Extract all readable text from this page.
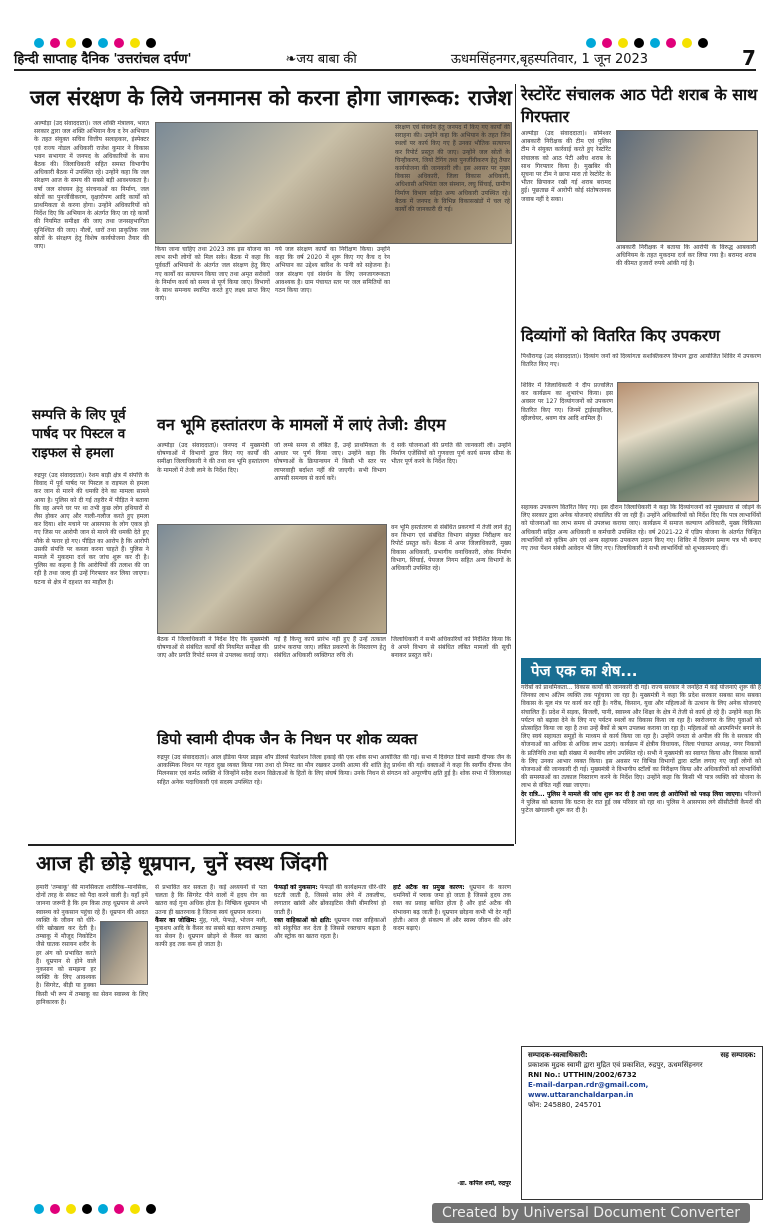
हिन्दी साप्ताह दैनिक 'उत्तरांचल दर्पण'	❧जय बाबा की	ऊधमसिंहनगर,बृहस्पतिवार, 1 जून 2023	7
जल संरक्षण के लिये जनमानस को करना होगा जागरूक: राजेश
अल्मोड़ा (उद संवाददाता)। जल शक्ति मंत्रालय, भारत सरकार द्वारा जल शक्ति अभियान कैच द रेन अभियान के तहत संयुक्त सचिव वित्तीय सलाहकार, इंस्पेक्टर एवं राज्य नोडल अधिकारी राजेश कुमार ने विकास भवन सभागार में जनपद के अधिकारियों के साथ बैठक की। जिलाधिकारी सहित समस्त विभागीय अधिकारी बैठक में उपस्थित रहे। उन्होंने कहा कि जल संरक्षण आज के समय की सबसे बड़ी आवश्यकता है। वर्षा जल संचयन हेतु संरचनाओं का निर्माण, जल स्रोतों का पुनर्जीवीकरण, वृक्षारोपण आदि कार्यों को प्राथमिकता से करना होगा। उन्होंने अधिकारियों को निर्देश दिए कि अभियान के अंतर्गत किए जा रहे कार्यों की नियमित समीक्षा की जाए तथा जनसहभागिता सुनिश्चित की जाए। नौलों, धारों तथा प्राकृतिक जल स्रोतों के संरक्षण हेतु विशेष कार्ययोजना तैयार की जाए।	किया जाना चाहिए तथा 2023 तक इस योजना का लाभ सभी लोगों को मिल सके। बैठक में कहा कि पूर्ववर्ती अभियानों के अंतर्गत जल संरक्षण हेतु किए गए कार्यों का सत्यापन किया जाए तथा अमृत सरोवरों के निर्माण कार्य को समय से पूर्ण किया जाए। विभागों के साथ समन्वय स्थापित करते हुए लक्ष्य प्राप्त किए जाएं।
गये जल संरक्षण कार्यों का निरीक्षण किया। उन्होंने कहा कि वर्ष 2020 में शुरू किए गए कैच द रेन अभियान का उद्देश्य बारिश के पानी को सहेजना है। जल संरक्षण एवं संवर्धन के लिए जनजागरूकता आवश्यक है। ग्राम पंचायत स्तर पर जल समितियों का गठन किया जाए।
संरक्षण एवं संवर्धन हेतु जनपद में किए गए कार्यों की सराहना की। उन्होंने कहा कि अभियान के तहत जिन स्थलों पर कार्य किए गए हैं उनका भौतिक सत्यापन कर रिपोर्ट प्रस्तुत की जाए। उन्होंने जल स्रोतों के चिन्हीकरण, जियो टैगिंग तथा पुनर्जीवीकरण हेतु तैयार कार्ययोजना की जानकारी ली। इस अवसर पर मुख्य विकास अधिकारी, जिला विकास अधिकारी, अधिशासी अभियंता जल संस्थान, लघु सिंचाई, ग्रामीण निर्माण विभाग सहित अन्य अधिकारी उपस्थित रहे। बैठक में जनपद के विभिन्न विकासखंडों में चल रहे कार्यों की जानकारी दी गई।
सम्पत्ति के लिए पूर्व पार्षद पर पिस्टल व राइफल से हमला
रुद्रपुर (उद संवाददाता)। रेशम बाड़ी क्षेत्र में संपत्ति के विवाद में पूर्व पार्षद पर पिस्टल व राइफल से हमला कर जान से मारने की धमकी देने का मामला सामने आया है। पुलिस को दी गई तहरीर में पीड़ित ने बताया कि वह अपने घर पर था तभी कुछ लोग हथियारों से लैस होकर आए और गाली-गलौज करते हुए हमला कर दिया। शोर मचाने पर आसपास के लोग एकत्र हो गए जिस पर आरोपी जान से मारने की धमकी देते हुए मौके से फरार हो गए। पीड़ित का आरोप है कि आरोपी उसकी संपत्ति पर कब्जा करना चाहते हैं। पुलिस ने मामले में मुकदमा दर्ज कर जांच शुरू कर दी है। पुलिस का कहना है कि आरोपियों की तलाश की जा रही है तथा जल्द ही उन्हें गिरफ्तार कर लिया जाएगा। घटना से क्षेत्र में दहशत का माहौल है।
रेस्टोरेंट संचालक आठ पेटी शराब के साथ गिरफ्तार
अल्मोड़ा (उद संवाददाता)। सोमेश्वर आबकारी निरीक्षक की टीम एवं पुलिस टीम ने संयुक्त कार्रवाई करते हुए रेस्टोरेंट संचालक को आठ पेटी अवैध शराब के साथ गिरफ्तार किया है। मुखबिर की सूचना पर टीम ने छापा मारा तो रेस्टोरेंट के भीतर छिपाकर रखी गई शराब बरामद हुई। पूछताछ में आरोपी कोई संतोषजनक जवाब नहीं दे सका।
आबकारी निरीक्षक ने बताया कि आरोपी के विरुद्ध आबकारी अधिनियम के तहत मुकदमा दर्ज कर लिया गया है। बरामद शराब की कीमत हजारों रुपये आंकी गई है।
दिव्यांगों को वितरित किए उपकरण
पिथौरागढ़ (उद संवाददाता)। दिव्यांग जनों को दिव्यांगता सशक्तिकरण विभाग द्वारा आयोजित शिविर में उपकरण वितरित किए गए।
शिविर में जिलाधिकारी ने दीप प्रज्वलित कर कार्यक्रम का शुभारंभ किया। इस अवसर पर 127 दिव्यांगजनों को उपकरण वितरित किए गए। जिनमें ट्राईसाइकिल, व्हीलचेयर, श्रवण यंत्र आदि शामिल हैं।
सहायक उपकरण वितरित किए गए। इस दौरान जिलाधिकारी ने कहा कि दिव्यांगजनों को मुख्यधारा से जोड़ने के लिए सरकार द्वारा अनेक योजनाएं संचालित की जा रही हैं। उन्होंने अधिकारियों को निर्देश दिए कि पात्र लाभार्थियों को योजनाओं का लाभ समय से उपलब्ध कराया जाए। कार्यक्रम में समाज कल्याण अधिकारी, मुख्य चिकित्सा अधिकारी सहित अन्य अधिकारी व कर्मचारी उपस्थित रहे। वर्ष 2021-22 में एडिप योजना के अंतर्गत चिन्हित लाभार्थियों को कृत्रिम अंग एवं अन्य सहायक उपकरण प्रदान किए गए। शिविर में दिव्यांग प्रमाण पत्र भी बनाए गए तथा पेंशन संबंधी आवेदन भी लिए गए। जिलाधिकारी ने सभी लाभार्थियों को शुभकामनाएं दीं।
वन भूमि हस्तांतरण के मामलों में लाएं तेजी: डीएम
अल्मोड़ा (उद संवाददाता)। जनपद में मुख्यमंत्री घोषणाओं में विभागों द्वारा किए गए कार्यों की समीक्षा जिलाधिकारी ने की तथा वन भूमि हस्तांतरण के मामलों में तेजी लाने के निर्देश दिए।
जो लम्बे समय से लंबित हैं, उन्हें प्राथमिकता के आधार पर पूर्ण किया जाए। उन्होंने कहा कि घोषणाओं के क्रियान्वयन में किसी भी स्तर पर लापरवाही बर्दाश्त नहीं की जाएगी। सभी विभाग आपसी समन्वय से कार्य करें।
दे सकें योजनाओं की प्रगति की जानकारी ली। उन्होंने निर्माण एजेंसियों को गुणवत्ता पूर्ण कार्य समय सीमा के भीतर पूर्ण करने के निर्देश दिए।
वन भूमि हस्तांतरण से संबंधित प्रकरणों में तेजी लाने हेतु वन विभाग एवं संबंधित विभाग संयुक्त निरीक्षण कर रिपोर्ट प्रस्तुत करें। बैठक में अपर जिलाधिकारी, मुख्य विकास अधिकारी, प्रभागीय वनाधिकारी, लोक निर्माण विभाग, सिंचाई, पेयजल निगम सहित अन्य विभागों के अधिकारी उपस्थित रहे।
बैठक में जिलाधिकारी ने निर्देश दिए कि मुख्यमंत्री घोषणाओं से संबंधित कार्यों की नियमित समीक्षा की जाए और प्रगति रिपोर्ट समय से उपलब्ध कराई जाए।
गई हैं किन्तु कार्य प्रारंभ नहीं हुए हैं उन्हें तत्काल प्रारंभ कराया जाए। लंबित प्रकरणों के निस्तारण हेतु संबंधित अधिकारी व्यक्तिगत रुचि लें।
जिलाधिकारी ने सभी अधिकारियों को निर्देशित किया कि वे अपने विभाग से संबंधित लंबित मामलों की सूची बनाकर प्रस्तुत करें।
डिपो स्वामी दीपक जैन के निधन पर शोक व्यक्त
रुद्रपुर (उद संवाददाता)। आल इंडिया फेयर प्राइस शॉप डीलर्स फेडरेशन जिला इकाई की एक शोक सभा आयोजित की गई। सभा में दिवंगत डिपो स्वामी दीपक जैन के आकस्मिक निधन पर गहरा दुख व्यक्त किया गया तथा दो मिनट का मौन रखकर उनकी आत्मा की शांति हेतु प्रार्थना की गई। वक्ताओं ने कहा कि स्वर्गीय दीपक जैन मिलनसार एवं कर्मठ व्यक्ति थे जिन्होंने सदैव राशन विक्रेताओं के हितों के लिए संघर्ष किया। उनके निधन से संगठन को अपूरणीय क्षति हुई है। शोक सभा में जिलाध्यक्ष सहित अनेक पदाधिकारी एवं सदस्य उपस्थित रहे।
पेज एक का शेष...
गरीबों को प्राथमिकता... विकास कार्यों की जानकारी दी गई। राज्य सरकार ने जनहित में कई योजनाएं शुरू की हैं जिनका लाभ अंतिम व्यक्ति तक पहुंचाया जा रहा है। मुख्यमंत्री ने कहा कि प्रदेश सरकार सबका साथ सबका विकास के मूल मंत्र पर कार्य कर रही है। गरीब, किसान, युवा और महिलाओं के उत्थान के लिए अनेक योजनाएं संचालित हैं। प्रदेश में सड़क, बिजली, पानी, स्वास्थ्य और शिक्षा के क्षेत्र में तेजी से कार्य हो रहे हैं। उन्होंने कहा कि पर्यटन को बढ़ावा देने के लिए नए पर्यटन स्थलों का विकास किया जा रहा है। स्वरोजगार के लिए युवाओं को प्रोत्साहित किया जा रहा है तथा उन्हें बैंकों से ऋण उपलब्ध कराया जा रहा है। महिलाओं को आत्मनिर्भर बनाने के लिए स्वयं सहायता समूहों के माध्यम से कार्य किया जा रहा है। उन्होंने जनता से अपील की कि वे सरकार की योजनाओं का अधिक से अधिक लाभ उठाएं। कार्यक्रम में क्षेत्रीय विधायक, जिला पंचायत अध्यक्ष, नगर निकायों के प्रतिनिधि तथा बड़ी संख्या में स्थानीय लोग उपस्थित रहे। सभी ने मुख्यमंत्री का स्वागत किया और विकास कार्यों के लिए उनका आभार व्यक्त किया। इस अवसर पर विभिन्न विभागों द्वारा स्टॉल लगाए गए जहाँ लोगों को योजनाओं की जानकारी दी गई। मुख्यमंत्री ने विभागीय स्टॉलों का निरीक्षण किया और अधिकारियों को लाभार्थियों की समस्याओं का तत्काल निस्तारण करने के निर्देश दिए। उन्होंने कहा कि किसी भी पात्र व्यक्ति को योजना के लाभ से वंचित नहीं रखा जाएगा।
देर रात्रि... पुलिस ने मामले की जांच शुरू कर दी है तथा जल्द ही आरोपियों को पकड़ लिया जाएगा। परिजनों ने पुलिस को बताया कि घटना देर रात हुई जब परिवार सो रहा था। पुलिस ने आसपास लगे सीसीटीवी कैमरों की फुटेज खंगालनी शुरू कर दी है।
आज ही छोड़े धूम्रपान, चुनें स्वस्थ जिंदगी
हमारी 'तम्बाकू' की मानसिकता शारीरिक–मानसिक, दोनों तरह के संकट को पैदा करने वाली है। यहाँ हमें जानना जरूरी है कि हम किस तरह धूम्रपान से अपने स्वास्थ्य को नुकसान पहुंचा रहे हैं।
धूम्रपान की आदत व्यक्ति के जीवन को धीरे-धीरे खोखला कर देती है। तम्बाकू में मौजूद निकोटिन जैसे घातक रसायन शरीर के हर अंग को प्रभावित करते हैं। धूम्रपान से होने वाले नुकसान को समझना हर व्यक्ति के लिए आवश्यक है। सिगरेट, बीड़ी या हुक्का किसी भी रूप में तम्बाकू का सेवन स्वास्थ्य के लिए हानिकारक है।
से प्रभावित कर सकता है। कई अध्ययनों से पता चलता है कि सिगरेट पीने वालों में हृदय रोग का खतरा कई गुना अधिक होता है। निष्क्रिय धूम्रपान भी उतना ही खतरनाक है जितना स्वयं धूम्रपान करना।
कैंसर का जोखिम: मुंह, गले, फेफड़े, भोजन नली, मूत्राशय आदि के कैंसर का सबसे बड़ा कारण तम्बाकू का सेवन है। धूम्रपान छोड़ने से कैंसर का खतरा काफी हद तक कम हो जाता है।
फेफड़ों को नुकसान: फेफड़ों की कार्यक्षमता धीरे-धीरे घटती जाती है, जिससे सांस लेने में तकलीफ, लगातार खांसी और ब्रोंकाइटिस जैसी बीमारियां हो जाती हैं।
रक्त वाहिकाओं को क्षति: धूम्रपान रक्त वाहिकाओं को संकुचित कर देता है जिससे रक्तचाप बढ़ता है और स्ट्रोक का खतरा रहता है।
हार्ट अटैक का प्रमुख कारण: धूम्रपान के कारण धमनियों में प्लाक जमा हो जाता है जिससे हृदय तक रक्त का प्रवाह बाधित होता है और हार्ट अटैक की संभावना बढ़ जाती है। धूम्रपान छोड़ना कभी भी देर नहीं होती। आज ही संकल्प लें और स्वस्थ जीवन की ओर कदम बढ़ाएं।
-डा. कपिल शर्मा, रुद्रपुर
सम्पादक-स्वत्वाधिकारी:	सह सम्पादक:
प्रकाशक मुद्रक स्वामी द्वारा मुद्रित एवं प्रकाशित, रुद्रपुर, ऊधमसिंहनगर
RNI No.: UTTHIN/2002/6732
E-mail-darpan.rdr@gmail.com, www.uttaranchaldarpan.in
फोन: 245880, 245701
Created by Universal Document Converter
